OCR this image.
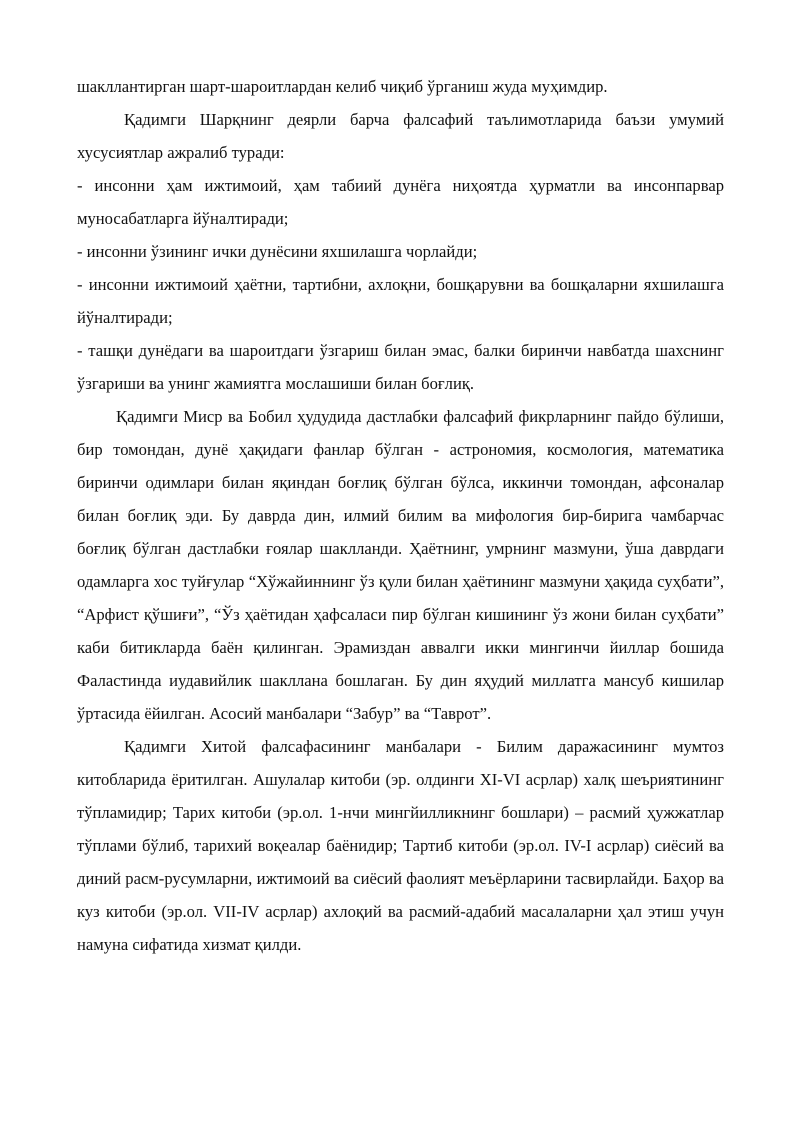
шакллантирган шарт-шароитлардан келиб чиқиб ўрганиш жуда муҳимдир.

Қадимги Шарқнинг деярли барча фалсафий таълимотларида баъзи умумий хусусиятлар ажралиб туради:

- инсонни ҳам ижтимоий, ҳам табиий дунёга ниҳоятда ҳурматли ва инсонпарвар муносабатларга йўналтиради;

- инсонни ўзининг ички дунёсини яхшилашга чорлайди;

- инсонни ижтимоий ҳаётни, тартибни, ахлоқни, бошқарувни ва бошқаларни яхшилашга йўналтиради;

- ташқи дунёдаги ва шароитдаги ўзгариш билан эмас, балки биринчи навбатда шахснинг ўзгариши ва унинг жамиятга мослашиши билан боғлиқ.

Қадимги Миср ва Бобил ҳудудида дастлабки фалсафий фикрларнинг пайдо бўлиши, бир томондан, дунё ҳақидаги фанлар бўлган - астрономия, космология, математика биринчи одимлари билан яқиндан боғлиқ бўлган бўлса, иккинчи томондан, афсоналар билан боғлиқ эди. Бу даврда дин, илмий билим ва мифология бир-бирига чамбарчас боғлиқ бўлган дастлабки ғоялар шаклланди. Ҳаётнинг, умрнинг мазмуни, ўша даврдаги одамларга хос туйғулар “Хўжайиннинг ўз қули билан ҳаётининг мазмуни ҳақида суҳбати”, “Арфист қўшиғи”, “Ўз ҳаётидан ҳафсаласи пир бўлган кишининг ўз жони билан суҳбати” каби битикларда баён қилинган. Эрамиздан аввалги икки мингинчи йиллар бошида Фаластинда иудавийлик шакллана бошлаган. Бу дин яҳудий миллатга мансуб кишилар ўртасида ёйилган. Асосий манбалари “Забур” ва “Таврот”.

Қадимги Хитой фалсафасининг манбалари - Билим даражасининг мумтоз китобларида ёритилган. Ашулалар китоби (эр. олдинги XI-VI асрлар) халқ шеъриятининг тўпламидир; Тарих китоби (эр.ол. 1-нчи мингйилликнинг бошлари) – расмий ҳужжатлар тўплами бўлиб, тарихий воқеалар баёнидир; Тартиб китоби (эр.ол. IV-I асрлар) сиёсий ва диний расм-русумларни, ижтимоий ва сиёсий фаолият меъёрларини тасвирлайди. Баҳор ва куз китоби (эр.ол. VII-IV асрлар) ахлоқий ва расмий-адабий масалаларни ҳал этиш учун намуна сифатида хизмат қилди.
